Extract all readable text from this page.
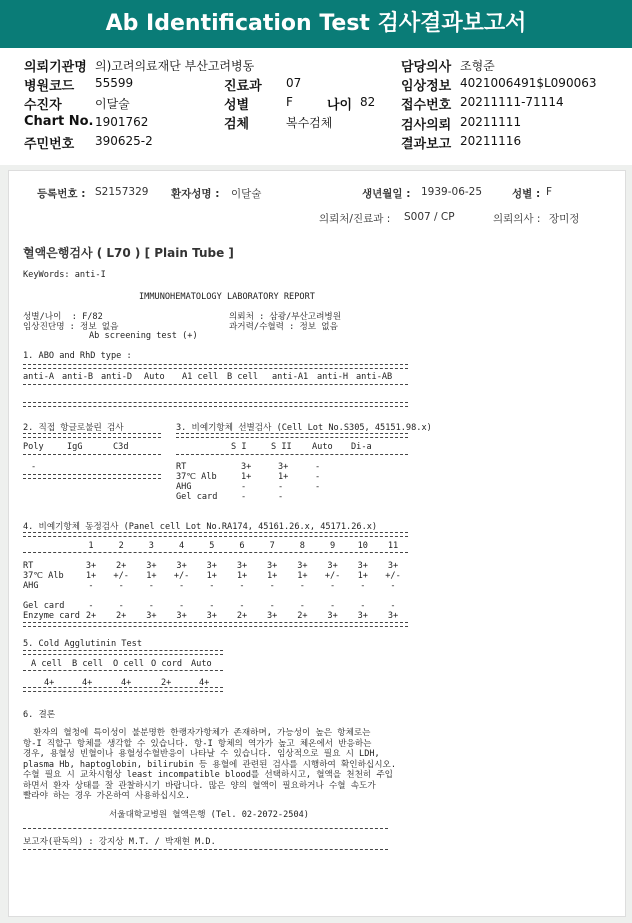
Ab Identification Test 검사결과보고서
의뢰기관명 의)고려의료재단 부산고려병동
병원코드 55599	진료과 07
수진자	이달술	성별	F	나이 82
Chart No. 1901762	검체	복수검체
주민번호 390625-2
담당의사 조형준
임상정보 4021006491$L090063
접수번호 20211111-71114
검사의뢰 20211111
결과보고 20211116
등록번호 : S2157329 환자성명 : 이달술	생년월일 : 1939-06-25	성별 : F
의뢰처/진료과 : S007 / CP	의뢰의사 : 장미정
혈액은행검사 ( L70 ) [ Plain Tube ]
KeyWords: anti-I
IMMUNOHEMATOLOGY LABORATORY REPORT
성별/나이  : F/82	의뢰처 : 삼광/부산고려병원
임상진단명 : 정보 없음	과거력/수혈력 : 정보 없음
Ab screening test (+)
1. ABO and RhD type :
anti-A anti-B anti-D Auto A1 cell B cell anti-A1 anti-H anti-AB
2. 직접 항글로불린 검사
Poly	IgG	C3d
-
3. 비예기항체 선별검사 (Cell Lot No.S305, 45151.98.x)
S I	S II Auto Di-a
RT	3+	3+	-
37℃ Alb	1+	1+	-
AHG	-	-	-
Gel card	-	-
4. 비예기항체 동정검사 (Panel cell Lot No.RA174, 45161.26.x, 45171.26.x)
1	2	3	4	5	6	7	8	9	10	11
RT	3+	2+	3+	3+	3+	3+	3+	3+	3+	3+	3+
37℃ Alb	1+	+/-	1+	+/-	1+	1+	1+	1+	+/-	1+	+/-
AHG	-	-	-	-	-	-	-	-	-	-	-
Gel card	-	-	-	-	-	-	-	-	-	-	-
Enzyme card 2+	2+	3+	3+	3+	2+	3+	2+	3+	3+	3+
5. Cold Agglutinin Test
A cell B cell O cell O cord Auto
4+	4+	4+	2+	4+
6. 결론
환자의 혈청에 특이성이 불분명한 한랭자가항체가 존재하며, 가능성이 높은 항체로는
항-I 직할구 항체를 생각할 수 있습니다. 항-I 항체의 역가가 높고 체온에서 반응하는
경우, 용혈성 빈혈이나 용혈성수혈반응이 나타날 수 있습니다. 임상적으로 필요 시 LDH,
plasma Hb, haptoglobin, bilirubin 등 용혈에 관련된 검사를 시행하여 확인하십시오.
수혈 필요 시 교차시험상 least incompatible blood를 선택하시고, 혈액을 천천히 주입
하면서 환자 상태를 잘 관찰하시기 바랍니다. 많은 양의 혈액이 필요하거나 수혈 속도가
빨라야 하는 경우 가온하여 사용하십시오.
서울대학교병원 혈액은행 (Tel. 02-2072-2504)
보고자(판독의) : 강지상 M.T. / 박재현 M.D.
